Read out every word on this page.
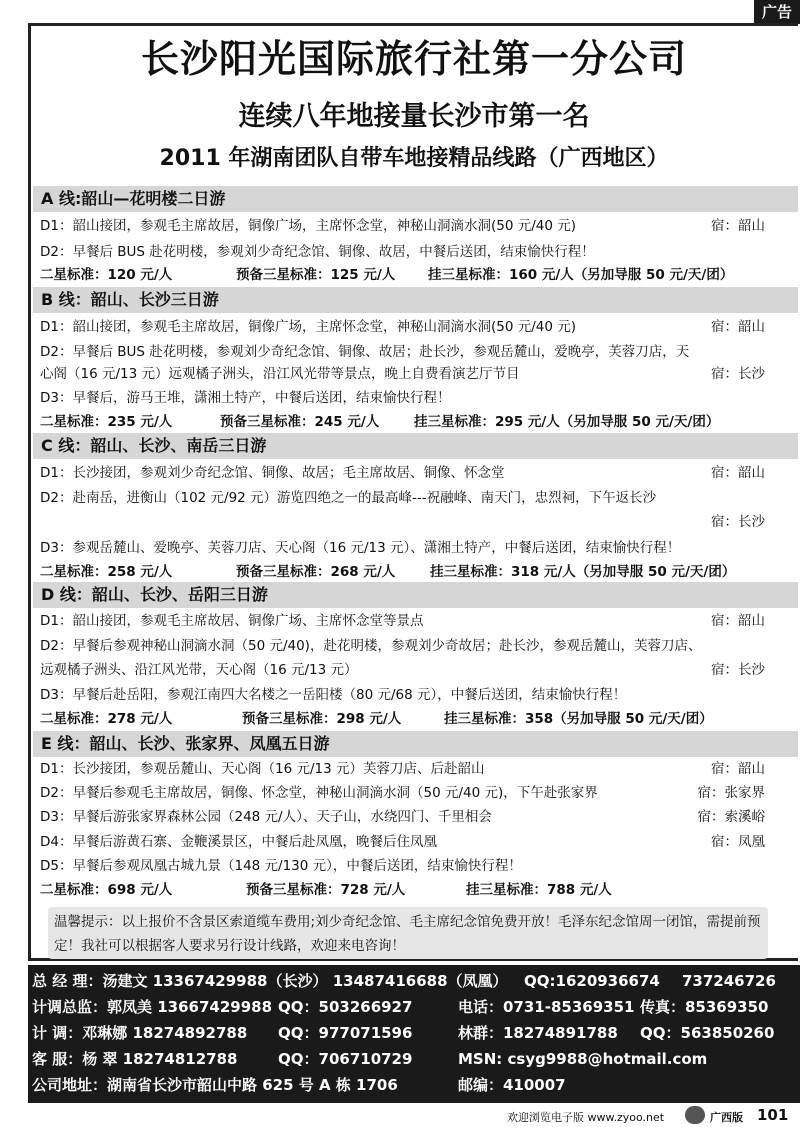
广告
长沙阳光国际旅行社第一分公司
连续八年地接量长沙市第一名
2011 年湖南团队自带车地接精品线路（广西地区）
A 线:韶山—花明楼二日游
D1：韶山接团，参观毛主席故居，铜像广场，主席怀念堂，神秘山洞滴水洞(50 元/40 元)	宿：韶山
D2：早餐后 BUS 赴花明楼，参观刘少奇纪念馆、铜像、故居，中餐后送团，结束愉快行程！
二星标准：120 元/人	预备三星标准：125 元/人 挂三星标准：160 元/人（另加导服 50 元/天/团）
B 线：韶山、长沙三日游
D1：韶山接团，参观毛主席故居，铜像广场，主席怀念堂，神秘山洞滴水洞(50 元/40 元)	宿：韶山
D2：早餐后 BUS 赴花明楼，参观刘少奇纪念馆、铜像、故居；赴长沙，参观岳麓山，爱晚亭，芙蓉刀店，天
心阁（16 元/13 元）远观橘子洲头，沿江风光带等景点，晚上自费看演艺厅节目	宿：长沙
D3：早餐后，游马王堆，潇湘土特产，中餐后送团，结束愉快行程！
二星标准：235 元/人	预备三星标准：245 元/人	挂三星标准：295 元/人（另加导服 50 元/天/团）
C 线：韶山、长沙、南岳三日游
D1：长沙接团，参观刘少奇纪念馆、铜像、故居；毛主席故居、铜像、怀念堂	宿：韶山
D2：赴南岳，进衡山（102 元/92 元）游览四绝之一的最高峰---祝融峰、南天门，忠烈祠，下午返长沙
宿：长沙
D3：参观岳麓山、爱晚亭、芙蓉刀店、天心阁（16 元/13 元）、潇湘土特产，中餐后送团，结束愉快行程！
二星标准：258 元/人	预备三星标准：268 元/人	挂三星标准：318 元/人（另加导服 50 元/天/团）
D 线：韶山、长沙、岳阳三日游
D1：韶山接团，参观毛主席故居、铜像广场、主席怀念堂等景点	宿：韶山
D2：早餐后参观神秘山洞滴水洞（50 元/40)，赴花明楼，参观刘少奇故居；赴长沙，参观岳麓山，芙蓉刀店、
远观橘子洲头、沿江风光带，天心阁（16 元/13 元）	宿：长沙
D3：早餐后赴岳阳，参观江南四大名楼之一岳阳楼（80 元/68 元），中餐后送团，结束愉快行程！
二星标准：278 元/人	预备三星标准：298 元/人	挂三星标准：358（另加导服 50 元/天/团）
E 线：韶山、长沙、张家界、凤凰五日游
D1：长沙接团，参观岳麓山、天心阁（16 元/13 元）芙蓉刀店、后赴韶山	宿：韶山
D2：早餐后参观毛主席故居，铜像、怀念堂，神秘山洞滴水洞（50 元/40 元)，下午赴张家界	宿：张家界
D3：早餐后游张家界森林公园（248 元/人）、天子山，水绕四门、千里相会	宿：索溪峪
D4：早餐后游黄石寨、金鞭溪景区，中餐后赴凤凰，晚餐后住凤凰	宿：凤凰
D5：早餐后参观凤凰古城九景（148 元/130 元），中餐后送团，结束愉快行程！
二星标准：698 元/人	预备三星标准：728 元/人	挂三星标准：788 元/人
温馨提示：以上报价不含景区索道缆车费用;刘少奇纪念馆、毛主席纪念馆免费开放！毛泽东纪念馆周一闭馆，需提前预定！我社可以根据客人要求另行设计线路，欢迎来电咨询！
总 经 理：汤建文 13367429988（长沙） 13487416688（凤凰） QQ:1620936674 737246726
计调总监：郭凤美 13667429988 QQ：503266927	电话：0731-85369351 传真：85369350
计 调：邓琳娜 18274892788 QQ：977071596	林群：18274891788 QQ：563850260
客 服：杨 翠 18274812788	QQ：706710729	MSN: csyg9988@hotmail.com
公司地址：湖南省长沙市韶山中路 625 号 A 栋 1706	邮编：410007
欢迎浏览电子版 www.zyoo.net	广西版 101
